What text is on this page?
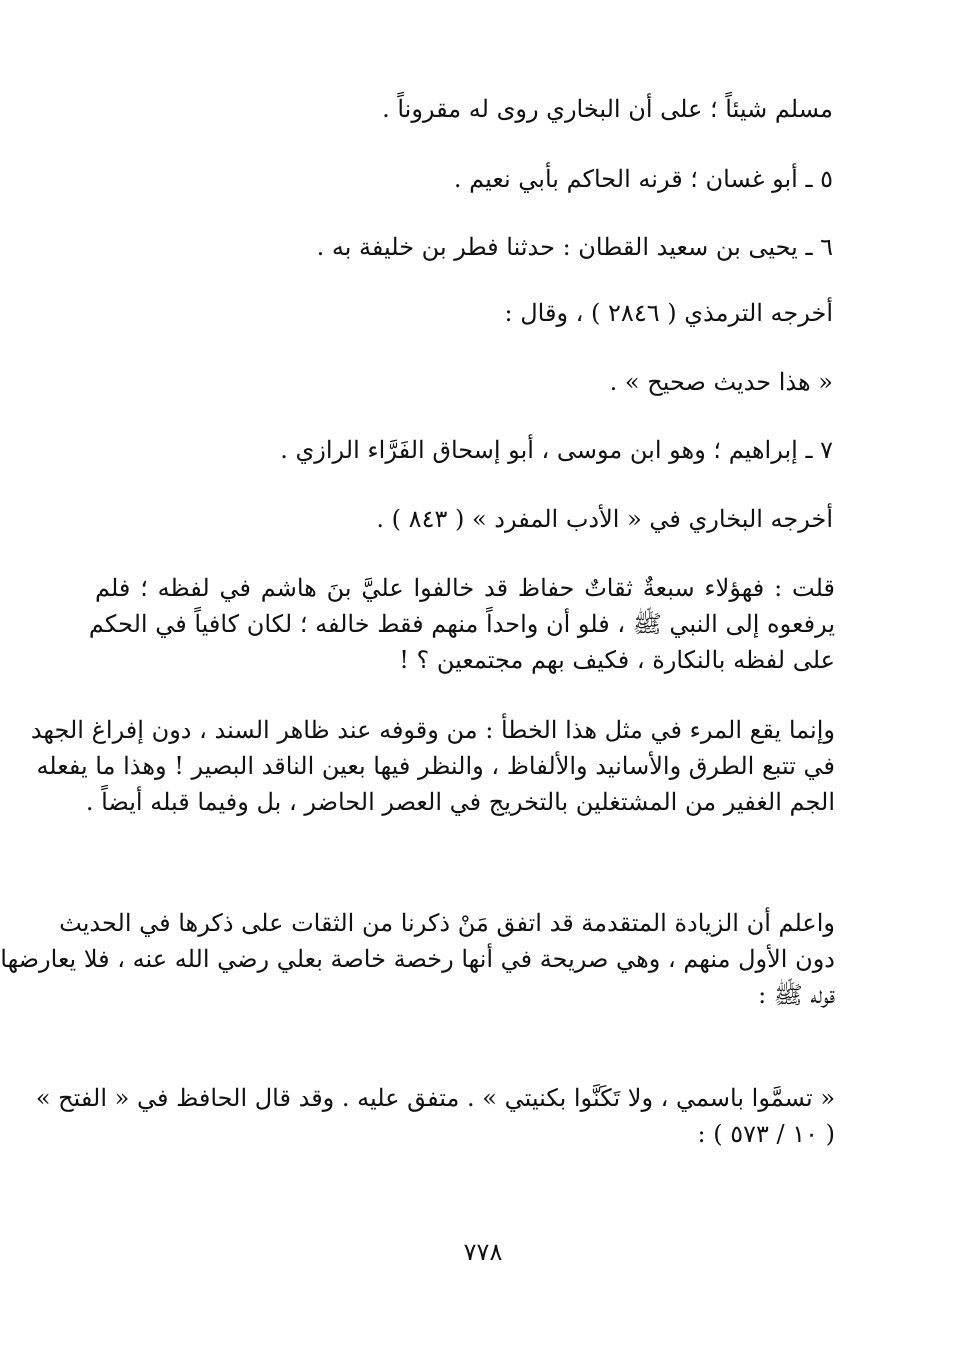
مسلم شيئاً ؛ على أن البخاري روى له مقروناً .
٥ ـ أبو غسان ؛ قرنه الحاكم بأبي نعيم .
٦ ـ يحيى بن سعيد القطان : حدثنا فطر بن خليفة به .
أخرجه الترمذي ( ٢٨٤٦ ) ، وقال :
« هذا حديث صحيح » .
٧ ـ إبراهيم ؛ وهو ابن موسى ، أبو إسحاق الفَرَّاء الرازي .
أخرجه البخاري في « الأدب المفرد » ( ٨٤٣ ) .
قلت : فهؤلاء سبعةٌ ثقاتٌ حفاظ قد خالفوا عليَّ بنَ هاشم في لفظه ؛ فلم
يرفعوه إلى النبي ﷺ ، فلو أن واحداً منهم فقط خالفه ؛ لكان كافياً في الحكم
على لفظه بالنكارة ، فكيف بهم مجتمعين ؟ !
وإنما يقع المرء في مثل هذا الخطأ : من وقوفه عند ظاهر السند ، دون إفراغ الجهد
في تتبع الطرق والأسانيد والألفاظ ، والنظر فيها بعين الناقد البصير ! وهذا ما يفعله
الجم الغفير من المشتغلين بالتخريج في العصر الحاضر ، بل وفيما قبله أيضاً .
واعلم أن الزيادة المتقدمة قد اتفق مَنْ ذكرنا من الثقات على ذكرها في الحديث
دون الأول منهم ، وهي صريحة في أنها رخصة خاصة بعلي رضي الله عنه ، فلا يعارضها
قوله ﷺ :
« تسمَّوا باسمي ، ولا تَكَنَّوا بكنيتي » . متفق عليه . وقد قال الحافظ في « الفتح »
( ١٠ / ٥٧٣ ) :
٧٧٨
